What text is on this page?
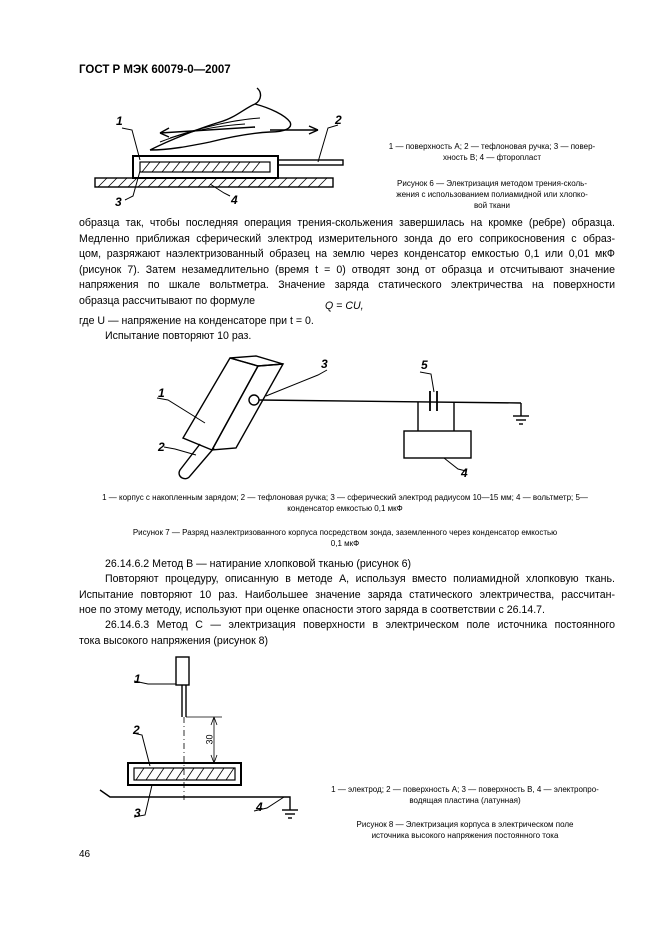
ГОСТ Р МЭК 60079-0—2007
1	2
3	4
1 — поверхность А; 2 — тефлоновая ручка; 3 — повер-
хность В; 4 — фторопласт
Рисунок 6 — Электризация методом трения-сколь-
жения с использованием полиамидной или хлопко-
вой ткани
образца так, чтобы последняя операция трения-скольжения завершилась на кромке (ребре) образца.
Медленно приближая сферический электрод измерительного зонда до его соприкосновения с образ-
цом, разряжают наэлектризованный образец на землю через конденсатор емкостью 0,1 или 0,01 мкФ
(рисунок 7). Затем незамедлительно (время t = 0) отводят зонд от образца и отсчитывают значение
напряжения по шкале вольтметра. Значение заряда статического электричества на поверхности
образца рассчитывают по формуле	Q = CU,
где U — напряжение на конденсаторе при t = 0.
Испытание повторяют 10 раз.
1
2
3
4
5
1 — корпус с накопленным зарядом; 2 — тефлоновая ручка; 3 — сферический электрод радиусом 10—15 мм; 4 — вольтметр; 5—
конденсатор емкостью 0,1 мкФ
Рисунок 7 — Разряд наэлектризованного корпуса посредством зонда, заземленного через конденсатор емкостью
0,1 мкФ
26.14.6.2 Метод В — натирание хлопковой тканью (рисунок 6)
Повторяют процедуру, описанную в методе А, используя вместо полиамидной хлопковую ткань.
Испытание повторяют 10 раз. Наибольшее значение заряда статического электричества, рассчитан-
ное по этому методу, используют при оценке опасности этого заряда в соответствии с 26.14.7.
26.14.6.3 Метод С — электризация поверхности в электрическом поле источника постоянного
тока высокого напряжения (рисунок 8)
1
2
3	4
30
1 — электрод; 2 — поверхность А; 3 — поверхность В, 4 — электропро-
водящая пластина (латунная)
Рисунок 8 — Электризация корпуса в электрическом поле
источника высокого напряжения постоянного тока
46
